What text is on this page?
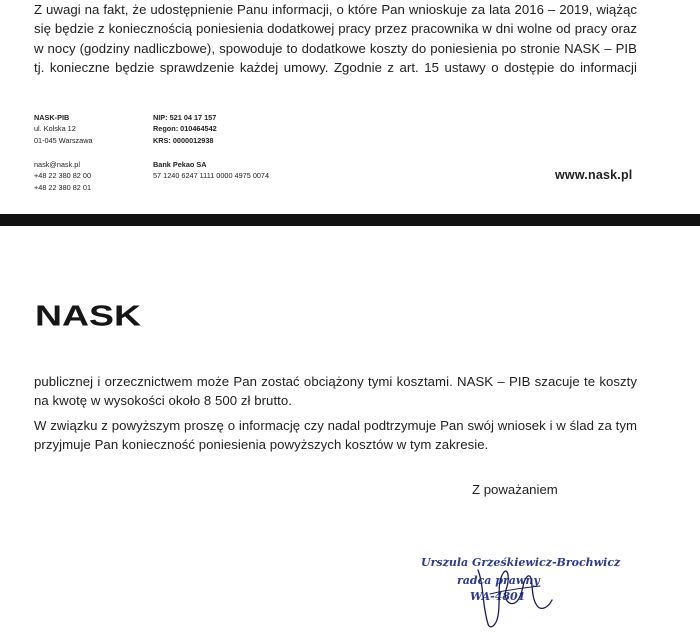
Z uwagi na fakt, że udostępnienie Panu informacji, o które Pan wnioskuje za lata 2016 – 2019, wiążąc się będzie z koniecznością poniesienia dodatkowej pracy przez pracownika w dni wolne od pracy oraz w nocy (godziny nadliczbowe), spowoduje to dodatkowe koszty do poniesienia po stronie NASK – PIB tj. konieczne będzie sprawdzenie każdej umowy. Zgodnie z art. 15 ustawy o dostępie do informacji

NASK-PIB
ul. Kolska 12
01-045 Warszawa
nask@nask.pl
+48 22 380 82 00
+48 22 380 82 01
NIP: 521 04 17 157
Regon: 010464542
KRS: 0000012938
Bank Pekao SA
57 1240 6247 1111 0000 4975 0074	www.nask.pl
NASK

publicznej i orzecznictwem może Pan zostać obciążony tymi kosztami. NASK – PIB szacuje te koszty na kwotę w wysokości około 8 500 zł brutto.

W związku z powyższym proszę o informację czy nadal podtrzymuje Pan swój wniosek i w ślad za tym przyjmuje Pan konieczność poniesienia powyższych kosztów w tym zakresie.

Z poważaniem
Urszula Grześkiewicz-Brochwicz
radca prawny
WA-4801
